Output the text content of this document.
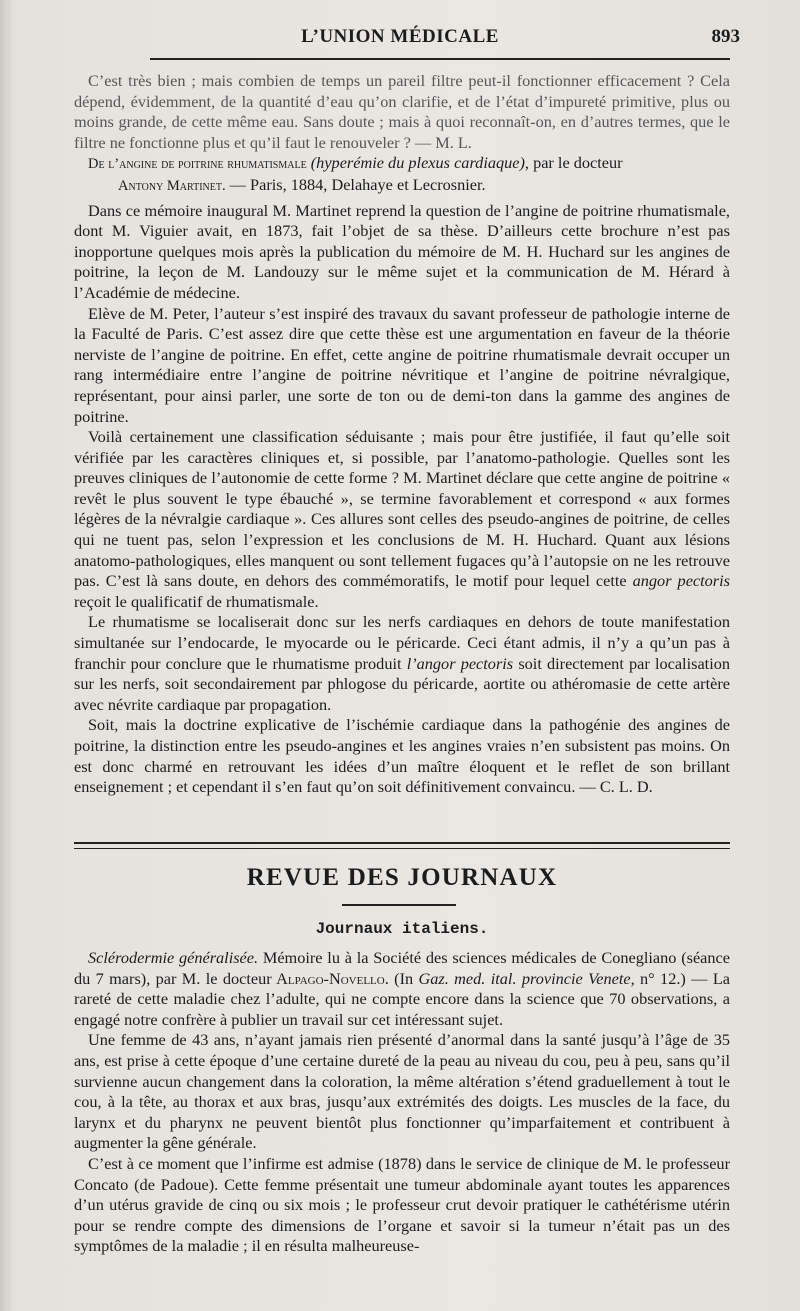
L’UNION MÉDICALE	893

C’est très bien ; mais combien de temps un pareil filtre peut-il fonctionner efficacement ? Cela dépend, évidemment, de la quantité d’eau qu’on clarifie, et de l’état d’impureté primitive, plus ou moins grande, de cette même eau. Sans doute ; mais à quoi reconnaît-on, en d’autres termes, que le filtre ne fonctionne plus et qu’il faut le renouveler ? — M. L.

De l’angine de poitrine rhumatismale (hyperémie du plexus cardiaque), par le docteur
Antony Martinet. — Paris, 1884, Delahaye et Lecrosnier.

Dans ce mémoire inaugural M. Martinet reprend la question de l’angine de poitrine rhumatismale, dont M. Viguier avait, en 1873, fait l’objet de sa thèse. D’ailleurs cette brochure n’est pas inopportune quelques mois après la publication du mémoire de M. H. Huchard sur les angines de poitrine, la leçon de M. Landouzy sur le même sujet et la communication de M. Hérard à l’Académie de médecine.

Elève de M. Peter, l’auteur s’est inspiré des travaux du savant professeur de pathologie interne de la Faculté de Paris. C’est assez dire que cette thèse est une argumentation en faveur de la théorie nerviste de l’angine de poitrine. En effet, cette angine de poitrine rhumatismale devrait occuper un rang intermédiaire entre l’angine de poitrine névritique et l’angine de poitrine névralgique, représentant, pour ainsi parler, une sorte de ton ou de demi-ton dans la gamme des angines de poitrine.

Voilà certainement une classification séduisante ; mais pour être justifiée, il faut qu’elle soit vérifiée par les caractères cliniques et, si possible, par l’anatomo-pathologie. Quelles sont les preuves cliniques de l’autonomie de cette forme ? M. Martinet déclare que cette angine de poitrine « revêt le plus souvent le type ébauché », se termine favorablement et correspond « aux formes légères de la névralgie cardiaque ». Ces allures sont celles des pseudo-angines de poitrine, de celles qui ne tuent pas, selon l’expression et les conclusions de M. H. Huchard. Quant aux lésions anatomo-pathologiques, elles manquent ou sont tellement fugaces qu’à l’autopsie on ne les retrouve pas. C’est là sans doute, en dehors des commémoratifs, le motif pour lequel cette angor pectoris reçoit le qualificatif de rhumatismale.

Le rhumatisme se localiserait donc sur les nerfs cardiaques en dehors de toute manifestation simultanée sur l’endocarde, le myocarde ou le péricarde. Ceci étant admis, il n’y a qu’un pas à franchir pour conclure que le rhumatisme produit l’angor pectoris soit directement par localisation sur les nerfs, soit secondairement par phlogose du péricarde, aortite ou athéromasie de cette artère avec névrite cardiaque par propagation.

Soit, mais la doctrine explicative de l’ischémie cardiaque dans la pathogénie des angines de poitrine, la distinction entre les pseudo-angines et les angines vraies n’en subsistent pas moins. On est donc charmé en retrouvant les idées d’un maître éloquent et le reflet de son brillant enseignement ; et cependant il s’en faut qu’on soit définitivement convaincu. — C. L. D.

REVUE DES JOURNAUX
Journaux italiens.

Sclérodermie généralisée. Mémoire lu à la Société des sciences médicales de Conegliano (séance du 7 mars), par M. le docteur Alpago-Novello. (In Gaz. med. ital. provincie Venete, n° 12.) — La rareté de cette maladie chez l’adulte, qui ne compte encore dans la science que 70 observations, a engagé notre confrère à publier un travail sur cet intéressant sujet.

Une femme de 43 ans, n’ayant jamais rien présenté d’anormal dans la santé jusqu’à l’âge de 35 ans, est prise à cette époque d’une certaine dureté de la peau au niveau du cou, peu à peu, sans qu’il survienne aucun changement dans la coloration, la même altération s’étend graduellement à tout le cou, à la tête, au thorax et aux bras, jusqu’aux extrémités des doigts. Les muscles de la face, du larynx et du pharynx ne peuvent bientôt plus fonctionner qu’imparfaitement et contribuent à augmenter la gêne générale.

C’est à ce moment que l’infirme est admise (1878) dans le service de clinique de M. le professeur Concato (de Padoue). Cette femme présentait une tumeur abdominale ayant toutes les apparences d’un utérus gravide de cinq ou six mois ; le professeur crut devoir pratiquer le cathétérisme utérin pour se rendre compte des dimensions de l’organe et savoir si la tumeur n’était pas un des symptômes de la maladie ; il en résulta malheureuse-
